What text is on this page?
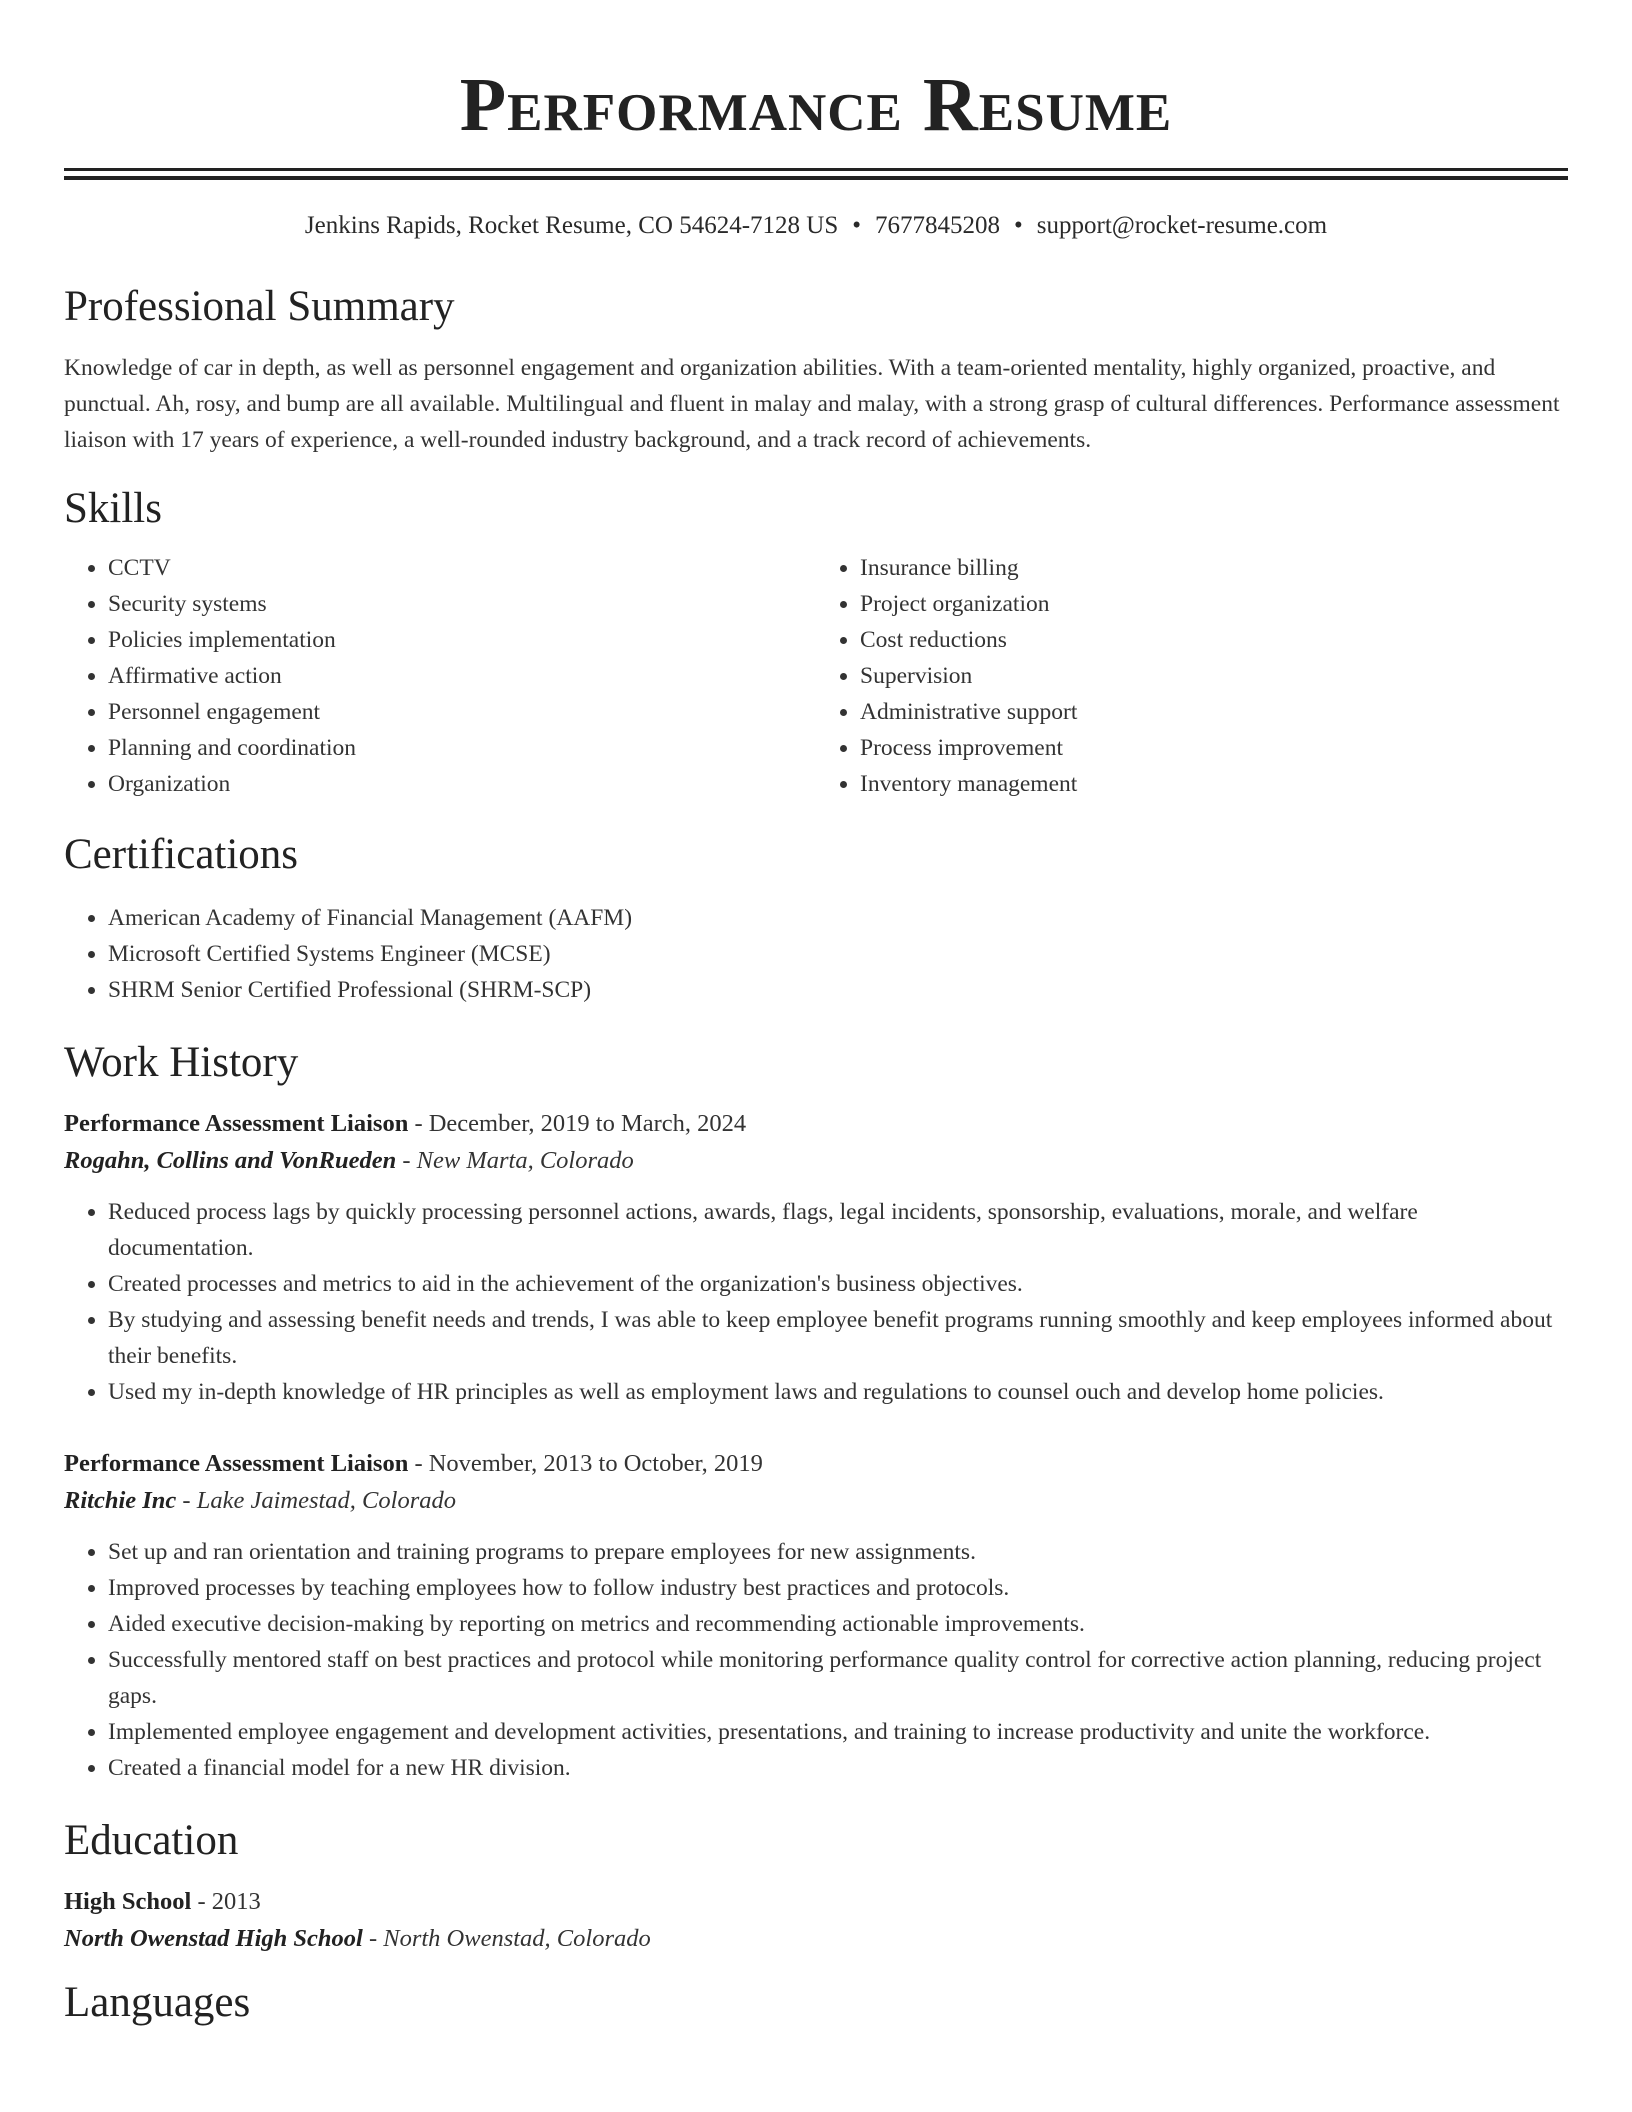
Performance Resume
Jenkins Rapids, Rocket Resume, CO 54624-7128 US • 7677845208 • support@rocket-resume.com
Professional Summary

Knowledge of car in depth, as well as personnel engagement and organization abilities. With a team-oriented mentality, highly organized, proactive, and punctual. Ah, rosy, and bump are all available. Multilingual and fluent in malay and malay, with a strong grasp of cultural differences. Performance assessment liaison with 17 years of experience, a well-rounded industry background, and a track record of achievements.

Skills
• CCTV
• Security systems
• Policies implementation
• Affirmative action
• Personnel engagement
• Planning and coordination
• Organization
• Insurance billing
• Project organization
• Cost reductions
• Supervision
• Administrative support
• Process improvement
• Inventory management
Certifications
• American Academy of Financial Management (AAFM)
• Microsoft Certified Systems Engineer (MCSE)
• SHRM Senior Certified Professional (SHRM-SCP)
Work History
Performance Assessment Liaison - December, 2019 to March, 2024
Rogahn, Collins and VonRueden - New Marta, Colorado
• Reduced process lags by quickly processing personnel actions, awards, flags, legal incidents, sponsorship, evaluations, morale, and welfare documentation.
• Created processes and metrics to aid in the achievement of the organization's business objectives.
• By studying and assessing benefit needs and trends, I was able to keep employee benefit programs running smoothly and keep employees informed about their benefits.
• Used my in-depth knowledge of HR principles as well as employment laws and regulations to counsel ouch and develop home policies.
Performance Assessment Liaison - November, 2013 to October, 2019
Ritchie Inc - Lake Jaimestad, Colorado
• Set up and ran orientation and training programs to prepare employees for new assignments.
• Improved processes by teaching employees how to follow industry best practices and protocols.
• Aided executive decision-making by reporting on metrics and recommending actionable improvements.
• Successfully mentored staff on best practices and protocol while monitoring performance quality control for corrective action planning, reducing project gaps.
• Implemented employee engagement and development activities, presentations, and training to increase productivity and unite the workforce.
• Created a financial model for a new HR division.
Education
High School - 2013
North Owenstad High School - North Owenstad, Colorado
Languages
